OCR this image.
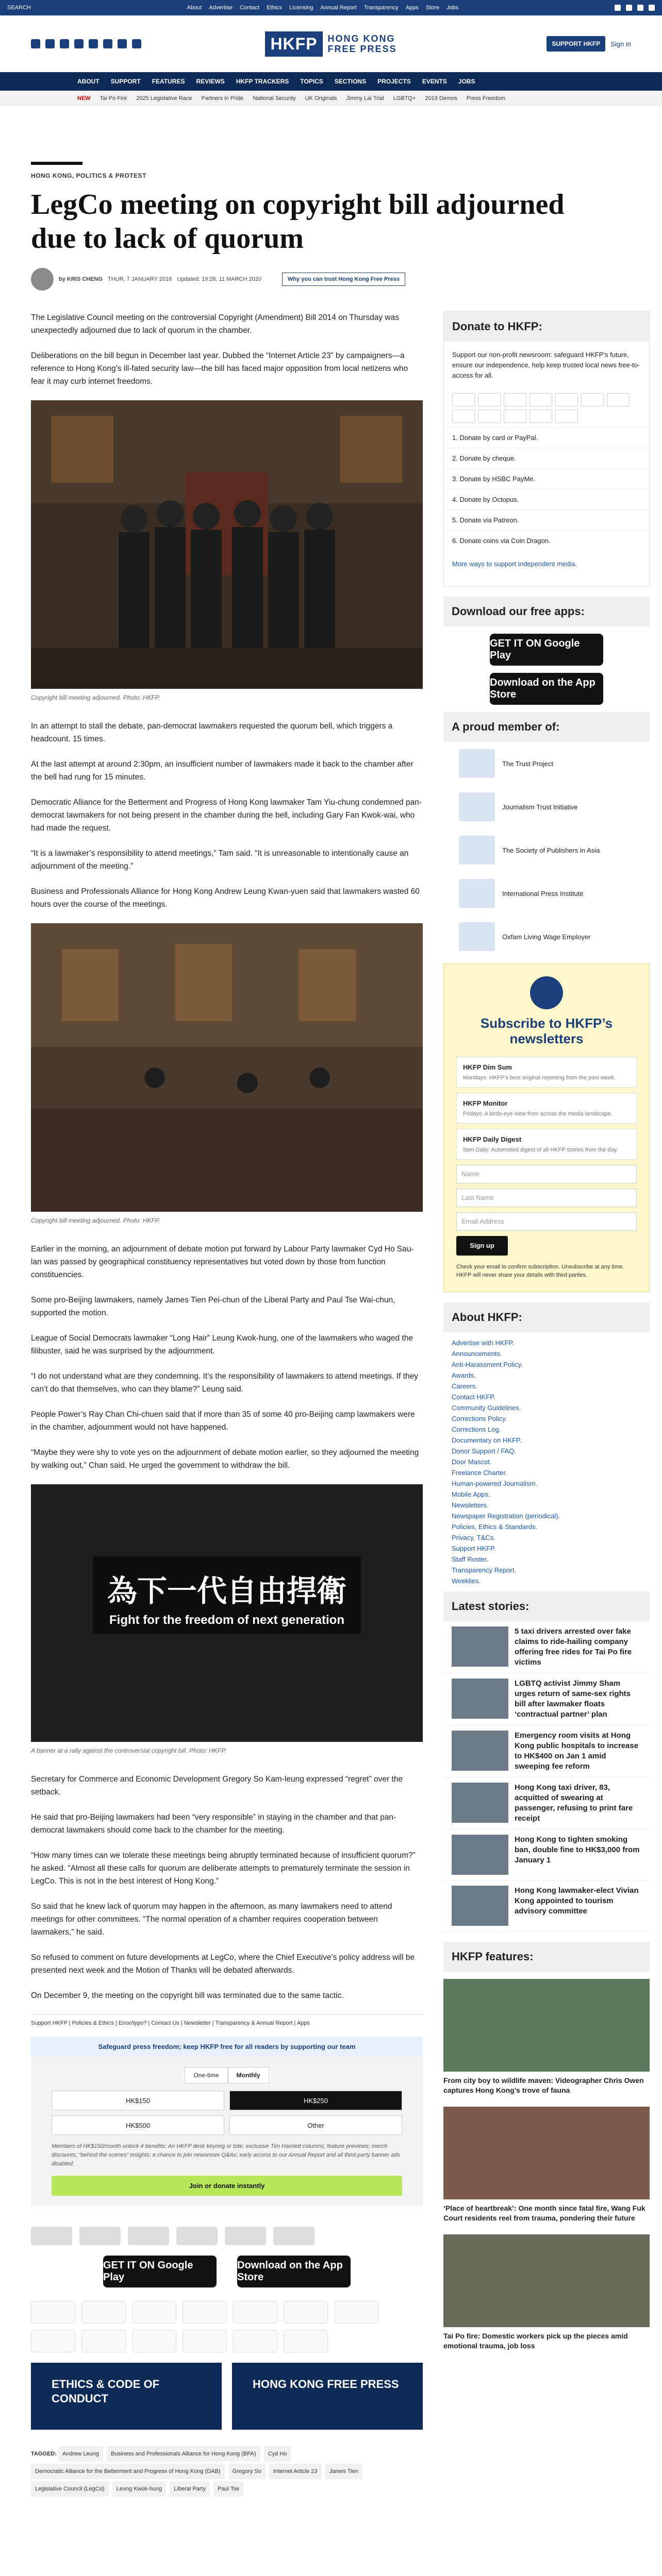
SEARCH	About Advertise Contact Ethics Licensing Annual Report Transparency Apps Store Jobs
HKFP	HONG KONG
FREE PRESS	SUPPORT HKFP	Sign in
ABOUT SUPPORT FEATURES REVIEWS HKFP TRACKERS TOPICS SECTIONS PROJECTS EVENTS JOBS
NEW Tai Po Fire 2025 Legislative Race Partners in Pride National Security UK Originals Jimmy Lai Trial LGBTQ+ 2019 Demos Press Freedom
HONG KONG, POLITICS & PROTEST
LegCo meeting on copyright bill adjourned due to lack of quorum
by KRIS CHENG THUR, 7 JANUARY 2016 Updated: 19:26, 11 MARCH 2020	Why you can trust Hong Kong Free Press

The Legislative Council meeting on the controversial Copyright (Amendment) Bill 2014 on Thursday was unexpectedly adjourned due to lack of quorum in the chamber.

Deliberations on the bill begun in December last year. Dubbed the “Internet Article 23” by campaigners—a reference to Hong Kong’s ill-fated security law—the bill has faced major opposition from local netizens who fear it may curb internet freedoms.

Copyright bill meeting adjourned. Photo: HKFP.

In an attempt to stall the debate, pan-democrat lawmakers requested the quorum bell, which triggers a headcount. 15 times.

At the last attempt at around 2:30pm, an insufficient number of lawmakers made it back to the chamber after the bell had rung for 15 minutes.

Democratic Alliance for the Betterment and Progress of Hong Kong lawmaker Tam Yiu-chung condemned pan-democrat lawmakers for not being present in the chamber during the bell, including Gary Fan Kwok-wai, who had made the request.

“It is a lawmaker’s responsibility to attend meetings,” Tam said. “It is unreasonable to intentionally cause an adjournment of the meeting.”

Business and Professionals Alliance for Hong Kong Andrew Leung Kwan-yuen said that lawmakers wasted 60 hours over the course of the meetings.

Copyright bill meeting adjourned. Photo: HKFP.

Earlier in the morning, an adjournment of debate motion put forward by Labour Party lawmaker Cyd Ho Sau-lan was passed by geographical constituency representatives but voted down by those from function constituencies.

Some pro-Beijing lawmakers, namely James Tien Pei-chun of the Liberal Party and Paul Tse Wai-chun, supported the motion.

League of Social Democrats lawmaker “Long Hair” Leung Kwok-hung, one of the lawmakers who waged the filibuster, said he was surprised by the adjournment.

“I do not understand what are they condemning. It’s the responsibility of lawmakers to attend meetings. If they can’t do that themselves, who can they blame?” Leung said.

People Power’s Ray Chan Chi-chuen said that if more than 35 of some 40 pro-Beijing camp lawmakers were in the chamber, adjournment would not have happened.

“Maybe they were shy to vote yes on the adjournment of debate motion earlier, so they adjourned the meeting by walking out,” Chan said. He urged the government to withdraw the bill.

為下一代自由捍衛
Fight for the freedom of next generation
A banner at a rally against the controversial copyright bill. Photo: HKFP.

Secretary for Commerce and Economic Development Gregory So Kam-leung expressed “regret” over the setback.

He said that pro-Beijing lawmakers had been “very responsible” in staying in the chamber and that pan-democrat lawmakers should come back to the chamber for the meeting.

“How many times can we tolerate these meetings being abruptly terminated because of insufficient quorum?” he asked. “Almost all these calls for quorum are deliberate attempts to prematurely terminate the session in LegCo. This is not in the best interest of Hong Kong.”

So said that he knew lack of quorum may happen in the afternoon, as many lawmakers need to attend meetings for other committees. “The normal operation of a chamber requires cooperation between lawmakers,” he said.

So refused to comment on future developments at LegCo, where the Chief Executive’s policy address will be presented next week and the Motion of Thanks will be debated afterwards.

On December 9, the meeting on the copyright bill was terminated due to the same tactic.

Support HKFP | Policies & Ethics | Error/typo? | Contact Us | Newsletter | Transparency & Annual Report | Apps
Safeguard press freedom; keep HKFP free for all readers by supporting our team
One-time	Monthly
HK$150	HK$250
HK$500	Other
Members of HK$150/month unlock 4 benefits: An HKFP desk keyring or tote; exclusive Tim Hamlett columns; feature previews; merch discounts; “behind the scenes” insights; a chance to join newsroom Q&As; early access to our Annual Report and all third-party banner ads disabled.
Join or donate instantly
GET IT ON Google Play
Download on the App Store
ETHICS & CODE OF CONDUCT
HONG KONG FREE PRESS
TAGGED: Andrew Leung Business and Professionals Alliance for Hong Kong (BPA) Cyd Ho Democratic Alliance for the Betterment and Progress of Hong Kong (DAB) Gregory So Internet Article 23 James Tien Legislative Council (LegCo) Leung Kwok-hung Liberal Party Paul Tse
Donate to HKFP:
Support our non-profit newsroom: safeguard HKFP’s future, ensure our independence, help keep trusted local news free-to-access for all.
1. Donate by card or PayPal.
2. Donate by cheque.
3. Donate by HSBC PayMe.
4. Donate by Octopus.
5. Donate via Patreon.
6. Donate coins via Coin Dragon.
More ways to support independent media.
Download our free apps:
GET IT ON Google Play
Download on the App Store
A proud member of:
The Trust Project
Journalism Trust Initiative
The Society of Publishers in Asia
International Press Institute
Oxfam Living Wage Employer
Subscribe to HKFP’s newsletters
HKFP Dim Sum
Mondays: HKFP’s best original reporting from the past week.
HKFP Monitor
Fridays: A birds-eye view from across the media landscape.
HKFP Daily Digest
9pm Daily: Automated digest of all HKFP stories from the day.
Name
Last Name
Email Address
Sign up

Check your email to confirm subscription. Unsubscribe at any time. HKFP will never share your details with third parties.

About HKFP:
Advertise with HKFP.
Announcements.
Anti-Harassment Policy.
Awards.
Careers.
Contact HKFP.
Community Guidelines.
Corrections Policy.
Corrections Log.
Documentary on HKFP.
Donor Support / FAQ.
Door Mascot.
Freelance Charter.
Human-powered Journalism.
Mobile Apps.
Newsletters.
Newspaper Registration (periodical).
Policies, Ethics & Standards.
Privacy, T&Cs.
Support HKFP.
Staff Roster.
Transparency Report.
Weeklies.
Latest stories:
5 taxi drivers arrested over fake claims to ride-hailing company offering free rides for Tai Po fire victims
LGBTQ activist Jimmy Sham urges return of same-sex rights bill after lawmaker floats ‘contractual partner’ plan
Emergency room visits at Hong Kong public hospitals to increase to HK$400 on Jan 1 amid sweeping fee reform
Hong Kong taxi driver, 83, acquitted of swearing at passenger, refusing to print fare receipt
Hong Kong to tighten smoking ban, double fine to HK$3,000 from January 1
Hong Kong lawmaker-elect Vivian Kong appointed to tourism advisory committee
HKFP features:
From city boy to wildlife maven: Videographer Chris Owen captures Hong Kong’s trove of fauna
‘Place of heartbreak’: One month since fatal fire, Wang Fuk Court residents reel from trauma, pondering their future
Tai Po fire: Domestic workers pick up the pieces amid emotional trauma, job loss
